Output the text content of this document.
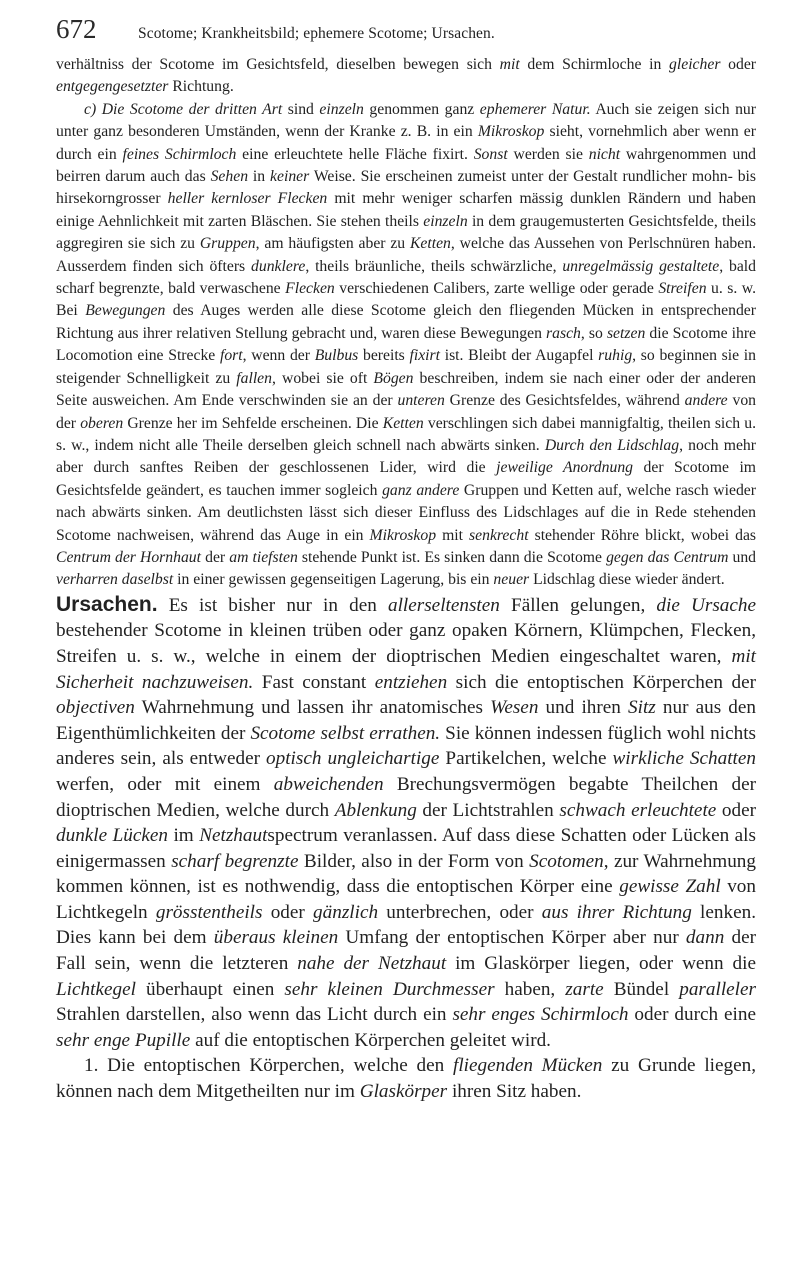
672	Scotome; Krankheitsbild; ephemere Scotome; Ursachen.

verhältniss der Scotome im Gesichtsfeld, dieselben bewegen sich mit dem Schirmloche in gleicher oder entgegengesetzter Richtung.

c) Die Scotome der dritten Art sind einzeln genommen ganz ephemerer Natur. Auch sie zeigen sich nur unter ganz besonderen Umständen, wenn der Kranke z. B. in ein Mikroskop sieht, vornehmlich aber wenn er durch ein feines Schirmloch eine erleuchtete helle Fläche fixirt. Sonst werden sie nicht wahrgenommen und beirren darum auch das Sehen in keiner Weise. Sie erscheinen zumeist unter der Gestalt rundlicher mohn- bis hirsekorngrosser heller kernloser Flecken mit mehr weniger scharfen mässig dunklen Rändern und haben einige Aehnlichkeit mit zarten Bläschen. Sie stehen theils einzeln in dem graugemusterten Gesichtsfelde, theils aggregiren sie sich zu Gruppen, am häufigsten aber zu Ketten, welche das Aussehen von Perlschnüren haben. Ausserdem finden sich öfters dunklere, theils bräunliche, theils schwärzliche, unregelmässig gestaltete, bald scharf begrenzte, bald verwaschene Flecken verschiedenen Calibers, zarte wellige oder gerade Streifen u. s. w. Bei Bewegungen des Auges werden alle diese Scotome gleich den fliegenden Mücken in entsprechender Richtung aus ihrer relativen Stellung gebracht und, waren diese Bewegungen rasch, so setzen die Scotome ihre Locomotion eine Strecke fort, wenn der Bulbus bereits fixirt ist. Bleibt der Augapfel ruhig, so beginnen sie in steigender Schnelligkeit zu fallen, wobei sie oft Bögen beschreiben, indem sie nach einer oder der anderen Seite ausweichen. Am Ende verschwinden sie an der unteren Grenze des Gesichtsfeldes, während andere von der oberen Grenze her im Sehfelde erscheinen. Die Ketten verschlingen sich dabei mannigfaltig, theilen sich u. s. w., indem nicht alle Theile derselben gleich schnell nach abwärts sinken. Durch den Lidschlag, noch mehr aber durch sanftes Reiben der geschlossenen Lider, wird die jeweilige Anordnung der Scotome im Gesichtsfelde geändert, es tauchen immer sogleich ganz andere Gruppen und Ketten auf, welche rasch wieder nach abwärts sinken. Am deutlichsten lässt sich dieser Einfluss des Lidschlages auf die in Rede stehenden Scotome nachweisen, während das Auge in ein Mikroskop mit senkrecht stehender Röhre blickt, wobei das Centrum der Hornhaut der am tiefsten stehende Punkt ist. Es sinken dann die Scotome gegen das Centrum und verharren daselbst in einer gewissen gegenseitigen Lagerung, bis ein neuer Lidschlag diese wieder ändert.

Ursachen. Es ist bisher nur in den allerseltensten Fällen gelungen, die Ursache bestehender Scotome in kleinen trüben oder ganz opaken Körnern, Klümpchen, Flecken, Streifen u. s. w., welche in einem der dioptrischen Medien eingeschaltet waren, mit Sicherheit nachzuweisen. Fast constant entziehen sich die entoptischen Körperchen der objectiven Wahrnehmung und lassen ihr anatomisches Wesen und ihren Sitz nur aus den Eigenthümlichkeiten der Scotome selbst errathen. Sie können indessen füglich wohl nichts anderes sein, als entweder optisch ungleichartige Partikelchen, welche wirkliche Schatten werfen, oder mit einem abweichenden Brechungsvermögen begabte Theilchen der dioptrischen Medien, welche durch Ablenkung der Lichtstrahlen schwach erleuchtete oder dunkle Lücken im Netzhautspectrum veranlassen. Auf dass diese Schatten oder Lücken als einigermassen scharf begrenzte Bilder, also in der Form von Scotomen, zur Wahrnehmung kommen können, ist es nothwendig, dass die entoptischen Körper eine gewisse Zahl von Lichtkegeln grösstentheils oder gänzlich unterbrechen, oder aus ihrer Richtung lenken. Dies kann bei dem überaus kleinen Umfang der entoptischen Körper aber nur dann der Fall sein, wenn die letzteren nahe der Netzhaut im Glaskörper liegen, oder wenn die Lichtkegel überhaupt einen sehr kleinen Durchmesser haben, zarte Bündel paralleler Strahlen darstellen, also wenn das Licht durch ein sehr enges Schirmloch oder durch eine sehr enge Pupille auf die entoptischen Körperchen geleitet wird.

1. Die entoptischen Körperchen, welche den fliegenden Mücken zu Grunde liegen, können nach dem Mitgetheilten nur im Glaskörper ihren Sitz haben.
